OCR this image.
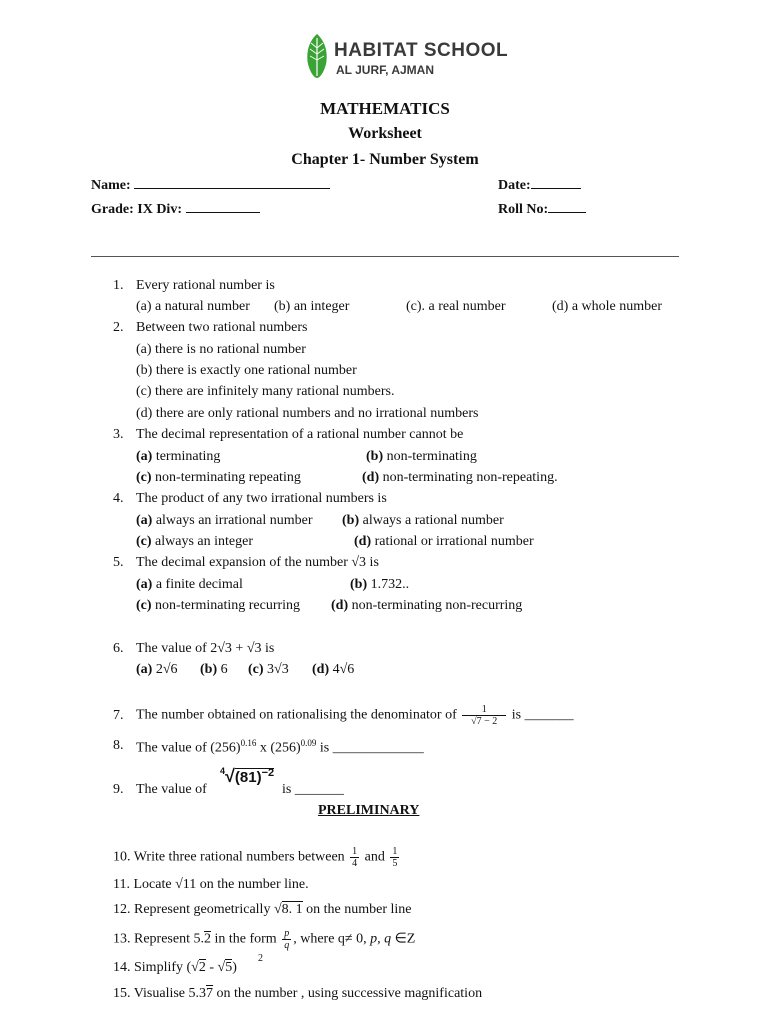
HABITAT SCHOOL
AL JURF, AJMAN
MATHEMATICS
Worksheet
Chapter 1- Number System
Name:	Date:
Grade: IX Div:	Roll No:
1. Every rational number is
(a) a natural number (b) an integer	(c). a real number	(d) a whole number
2. Between two rational numbers
(a) there is no rational number
(b) there is exactly one rational number
(c) there are infinitely many rational numbers.
(d) there are only rational numbers and no irrational numbers
3. The decimal representation of a rational number cannot be
(a) terminating	(b) non-terminating
(c) non-terminating repeating	(d) non-terminating non-repeating.
4. The product of any two irrational numbers is
(a) always an irrational number (b) always a rational number
(c) always an integer	(d) rational or irrational number
5. The decimal expansion of the number √3 is
(a) a finite decimal	(b) 1.732..
(c) non-terminating recurring (d) non-terminating non-recurring
6. The value of 2√3 + √3 is
(a) 2√6 (b) 6 (c) 3√3 (d) 4√6
7. The number obtained on rationalising the denominator of $\frac{1}{√7 - 2}$ is _______
8. The value of $(256)^{0.16}$ x $(256)^{0.09}$ is _____________
9. The value of
$^4√(81)^{-2}$
is _______
PRELIMINARY
10. Write three rational numbers between $\frac{1}{4}$ and $\frac{1}{5}$
11. Locate √11 on the number line.
12. Represent geometrically √8. 1 on the number line
13. Represent 5.2 in the form $\frac{p}{q}$ , where q≠ 0, p, q ∈Z
14. Simplify (√2 - √5)
2
15. Visualise 5.37 on the number , using successive magnification
